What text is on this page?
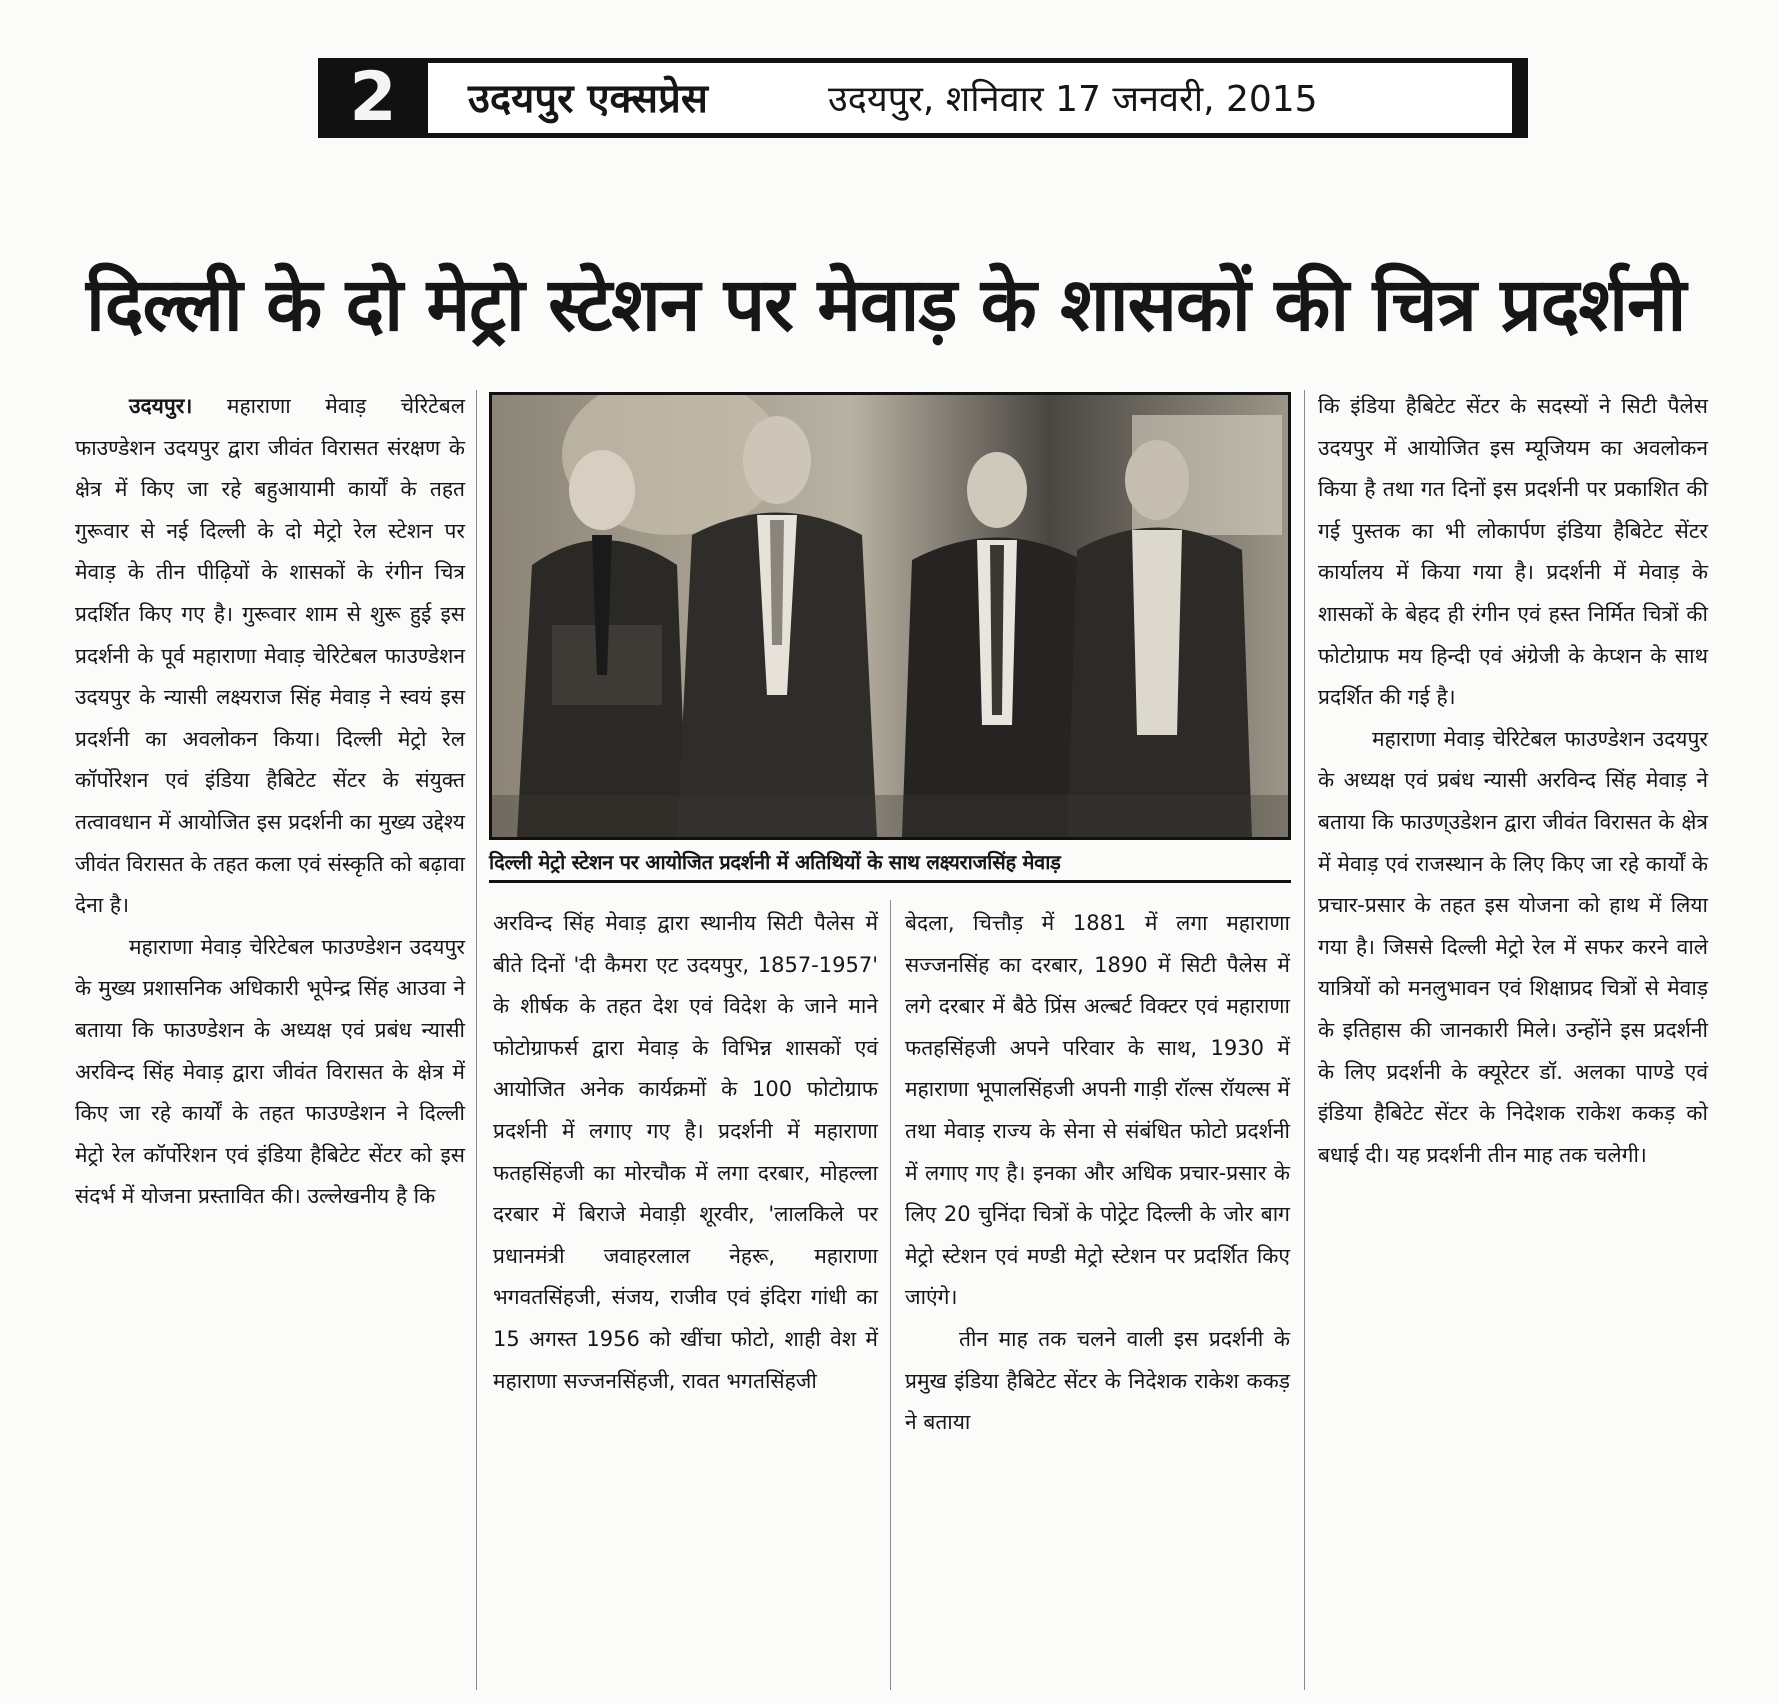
2	उदयपुर एक्सप्रेस	उदयपुर, शनिवार 17 जनवरी, 2015
दिल्ली के दो मेट्रो स्टेशन पर मेवाड़ के शासकों की चित्र प्रदर्शनी

उदयपुर। महाराणा मेवाड़ चेरिटेबल फाउण्डेशन उदयपुर द्वारा जीवंत विरासत संरक्षण के क्षेत्र में किए जा रहे बहुआयामी कार्यों के तहत गुरूवार से नई दिल्ली के दो मेट्रो रेल स्टेशन पर मेवाड़ के तीन पीढ़ियों के शासकों के रंगीन चित्र प्रदर्शित किए गए है। गुरूवार शाम से शुरू हुई इस प्रदर्शनी के पूर्व महाराणा मेवाड़ चेरिटेबल फाउण्डेशन उदयपुर के न्यासी लक्ष्यराज सिंह मेवाड़ ने स्वयं इस प्रदर्शनी का अवलोकन किया। दिल्ली मेट्रो रेल कॉर्पोरेशन एवं इंडिया हैबिटेट सेंटर के संयुक्त तत्वावधान में आयोजित इस प्रदर्शनी का मुख्य उद्देश्य जीवंत विरासत के तहत कला एवं संस्कृति को बढ़ावा देना है।

महाराणा मेवाड़ चेरिटेबल फाउण्डेशन उदयपुर के मुख्य प्रशासनिक अधिकारी भूपेन्द्र सिंह आउवा ने बताया कि फाउण्डेशन के अध्यक्ष एवं प्रबंध न्यासी अरविन्द सिंह मेवाड़ द्वारा जीवंत विरासत के क्षेत्र में किए जा रहे कार्यों के तहत फाउण्डेशन ने दिल्ली मेट्रो रेल कॉर्पोरेशन एवं इंडिया हैबिटेट सेंटर को इस संदर्भ में योजना प्रस्तावित की। उल्लेखनीय है कि

दिल्ली मेट्रो स्टेशन पर आयोजित प्रदर्शनी में अतिथियों के साथ लक्ष्यराजसिंह मेवाड़

अरविन्द सिंह मेवाड़ द्वारा स्थानीय सिटी पैलेस में बीते दिनों 'दी कैमरा एट उदयपुर, 1857-1957' के शीर्षक के तहत देश एवं विदेश के जाने माने फोटोग्राफर्स द्वारा मेवाड़ के विभिन्न शासकों एवं आयोजित अनेक कार्यक्रमों के 100 फोटोग्राफ प्रदर्शनी में लगाए गए है। प्रदर्शनी में महाराणा फतहसिंहजी का मोरचौक में लगा दरबार, मोहल्ला दरबार में बिराजे मेवाड़ी शूरवीर, 'लालकिले पर प्रधानमंत्री जवाहरलाल नेहरू, महाराणा भगवतसिंहजी, संजय, राजीव एवं इंदिरा गांधी का 15 अगस्त 1956 को खींचा फोटो, शाही वेश में महाराणा सज्जनसिंहजी, रावत भगतसिंहजी

बेदला, चित्तौड़ में 1881 में लगा महाराणा सज्जनसिंह का दरबार, 1890 में सिटी पैलेस में लगे दरबार में बैठे प्रिंस अल्बर्ट विक्टर एवं महाराणा फतहसिंहजी अपने परिवार के साथ, 1930 में महाराणा भूपालसिंहजी अपनी गाड़ी रॉल्स रॉयल्स में तथा मेवाड़ राज्य के सेना से संबंधित फोटो प्रदर्शनी में लगाए गए है। इनका और अधिक प्रचार-प्रसार के लिए 20 चुनिंदा चित्रों के पोट्रेट दिल्ली के जोर बाग मेट्रो स्टेशन एवं मण्डी मेट्रो स्टेशन पर प्रदर्शित किए जाएंगे।

तीन माह तक चलने वाली इस प्रदर्शनी के प्रमुख इंडिया हैबिटेट सेंटर के निदेशक राकेश ककड़ ने बताया

कि इंडिया हैबिटेट सेंटर के सदस्यों ने सिटी पैलेस उदयपुर में आयोजित इस म्यूजियम का अवलोकन किया है तथा गत दिनों इस प्रदर्शनी पर प्रकाशित की गई पुस्तक का भी लोकार्पण इंडिया हैबिटेट सेंटर कार्यालय में किया गया है। प्रदर्शनी में मेवाड़ के शासकों के बेहद ही रंगीन एवं हस्त निर्मित चित्रों की फोटोग्राफ मय हिन्दी एवं अंग्रेजी के केप्शन के साथ प्रदर्शित की गई है।

महाराणा मेवाड़ चेरिटेबल फाउण्डेशन उदयपुर के अध्यक्ष एवं प्रबंध न्यासी अरविन्द सिंह मेवाड़ ने बताया कि फाउण्उडेशन द्वारा जीवंत विरासत के क्षेत्र में मेवाड़ एवं राजस्थान के लिए किए जा रहे कार्यों के प्रचार-प्रसार के तहत इस योजना को हाथ में लिया गया है। जिससे दिल्ली मेट्रो रेल में सफर करने वाले यात्रियों को मनलुभावन एवं शिक्षाप्रद चित्रों से मेवाड़ के इतिहास की जानकारी मिले। उन्होंने इस प्रदर्शनी के लिए प्रदर्शनी के क्यूरेटर डॉ. अलका पाण्डे एवं इंडिया हैबिटेट सेंटर के निदेशक राकेश ककड़ को बधाई दी। यह प्रदर्शनी तीन माह तक चलेगी।
